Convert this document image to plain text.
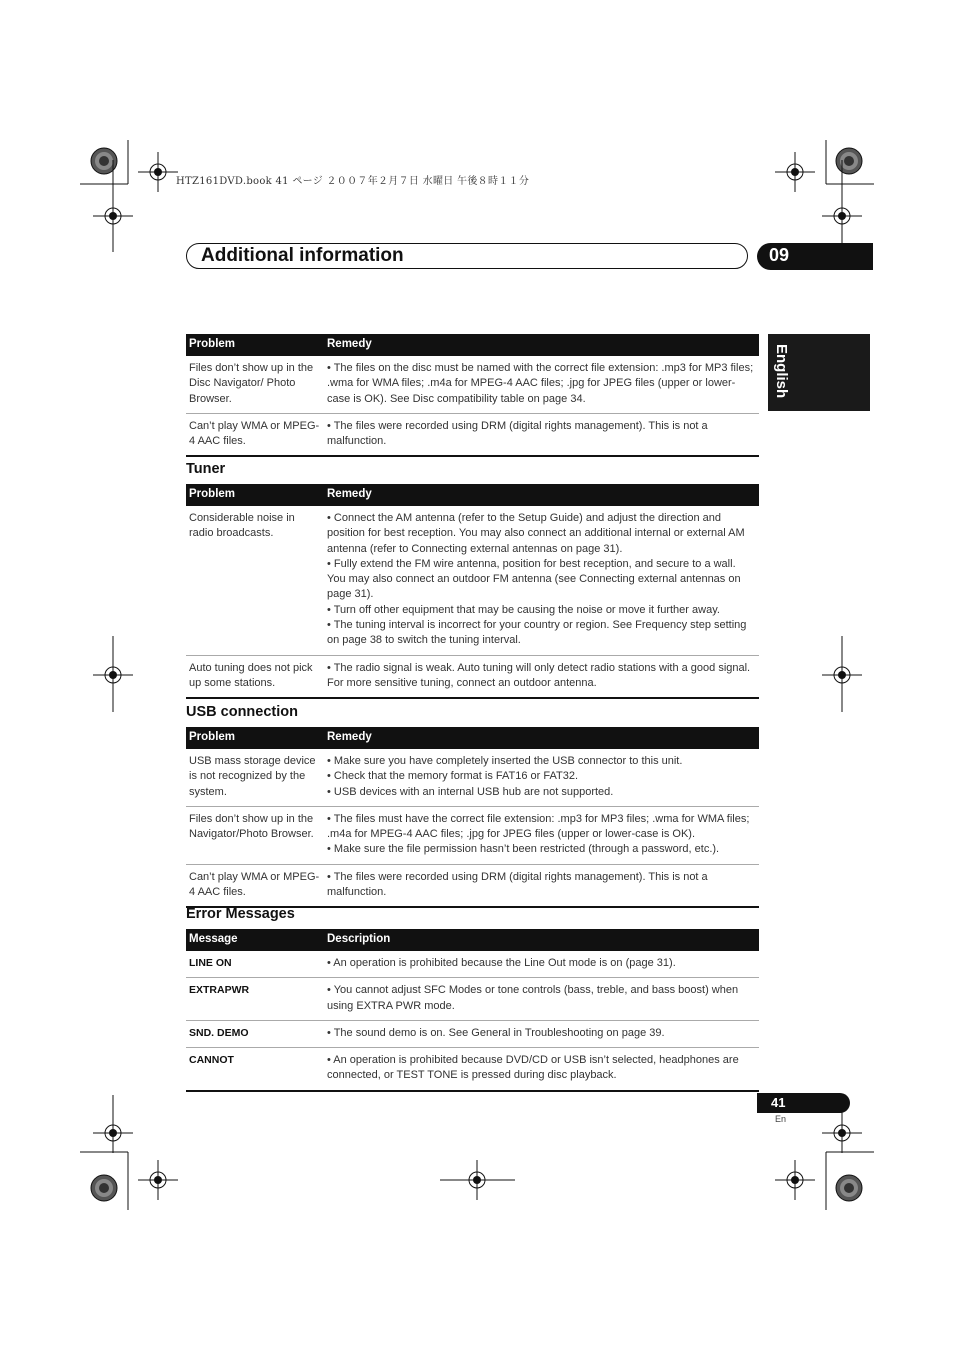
HTZ161DVD.book 41 ページ ２００７年２月７日 水曜日 午後８時１１分
Additional information	09
English
Problem	Remedy
Files don’t show up in the Disc Navigator/ Photo Browser.	• The files on the disc must be named with the correct file extension: .mp3 for MP3 files; .wma for WMA files; .m4a for MPEG-4 AAC files; .jpg for JPEG files (upper or lower-case is OK). See Disc compatibility table on page 34.
Can’t play WMA or MPEG-4 AAC files.	• The files were recorded using DRM (digital rights management). This is not a malfunction.
Tuner
Problem	Remedy
Considerable noise in radio broadcasts.	• Connect the AM antenna (refer to the Setup Guide) and adjust the direction and position for best reception. You may also connect an additional internal or external AM antenna (refer to Connecting external antennas on page 31).

• Fully extend the FM wire antenna, position for best reception, and secure to a wall. You may also connect an outdoor FM antenna (see Connecting external antennas on page 31).

• Turn off other equipment that may be causing the noise or move it further away.

• The tuning interval is incorrect for your country or region. See Frequency step setting on page 38 to switch the tuning interval.

Auto tuning does not pick up some stations.	• The radio signal is weak. Auto tuning will only detect radio stations with a good signal. For more sensitive tuning, connect an outdoor antenna.

USB connection
Problem	Remedy
USB mass storage device is not recognized by the system.	• Make sure you have completely inserted the USB connector to this unit.

• Check that the memory format is FAT16 or FAT32.

• USB devices with an internal USB hub are not supported.

Files don’t show up in the Navigator/Photo Browser.	• The files must have the correct file extension: .mp3 for MP3 files; .wma for WMA files; .m4a for MPEG-4 AAC files; .jpg for JPEG files (upper or lower-case is OK).

• Make sure the file permission hasn’t been restricted (through a password, etc.).

Can’t play WMA or MPEG-4 AAC files.	• The files were recorded using DRM (digital rights management). This is not a malfunction.

Error Messages
Message	Description
LINE ON	• An operation is prohibited because the Line Out mode is on (page 31).
EXTRAPWR	• You cannot adjust SFC Modes or tone controls (bass, treble, and bass boost) when using EXTRA PWR mode.
SND. DEMO	• The sound demo is on. See General in Troubleshooting on page 39.
CANNOT	• An operation is prohibited because DVD/CD or USB isn’t selected, headphones are connected, or TEST TONE is pressed during disc playback.
41
En
